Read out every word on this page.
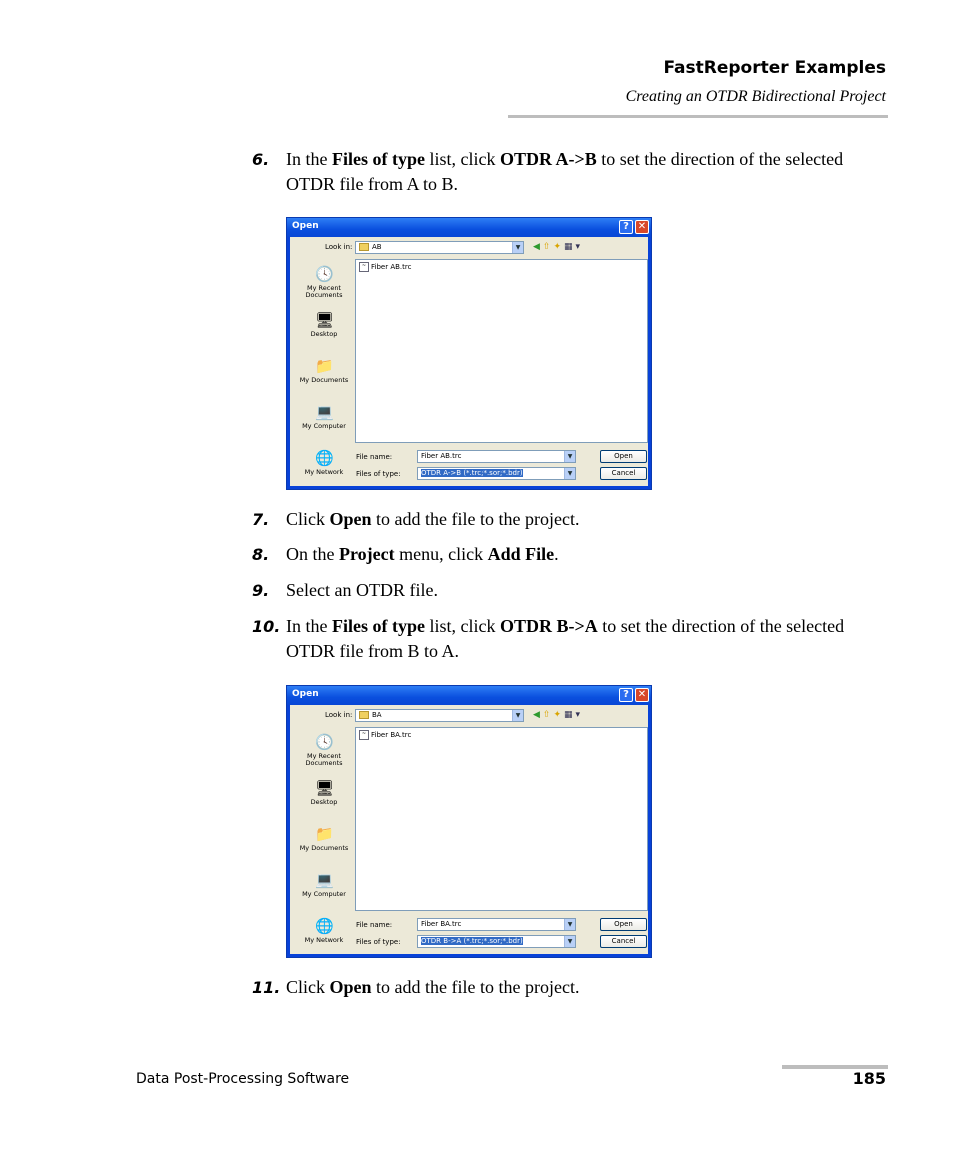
FastReporter Examples
Creating an OTDR Bidirectional Project
6. In the Files of type list, click OTDR A->B to set the direction of the selected OTDR file from A to B.
Open	? ✕
Look in:	AB	▼ ◀⇧✦▦▾
🕓
My Recent Documents
🖥
Desktop
📁
My Documents
💻
My Computer
🌐
My Network
~ Fiber AB.trc
File name:	Fiber AB.trc	▼
Files of type:	OTDR A->B (*.trc;*.sor;*.bdr)	▼
Open
Cancel
7. Click Open to add the file to the project.
8. On the Project menu, click Add File.
9. Select an OTDR file.
10. In the Files of type list, click OTDR B->A to set the direction of the selected OTDR file from B to A.
Open	? ✕
Look in:	BA	▼ ◀⇧✦▦▾
🕓
My Recent Documents
🖥
Desktop
📁
My Documents
💻
My Computer
🌐
My Network
~ Fiber BA.trc
File name:	Fiber BA.trc	▼
Files of type:	OTDR B->A (*.trc;*.sor;*.bdr)	▼
Open
Cancel
11. Click Open to add the file to the project.
Data Post-Processing Software	185
